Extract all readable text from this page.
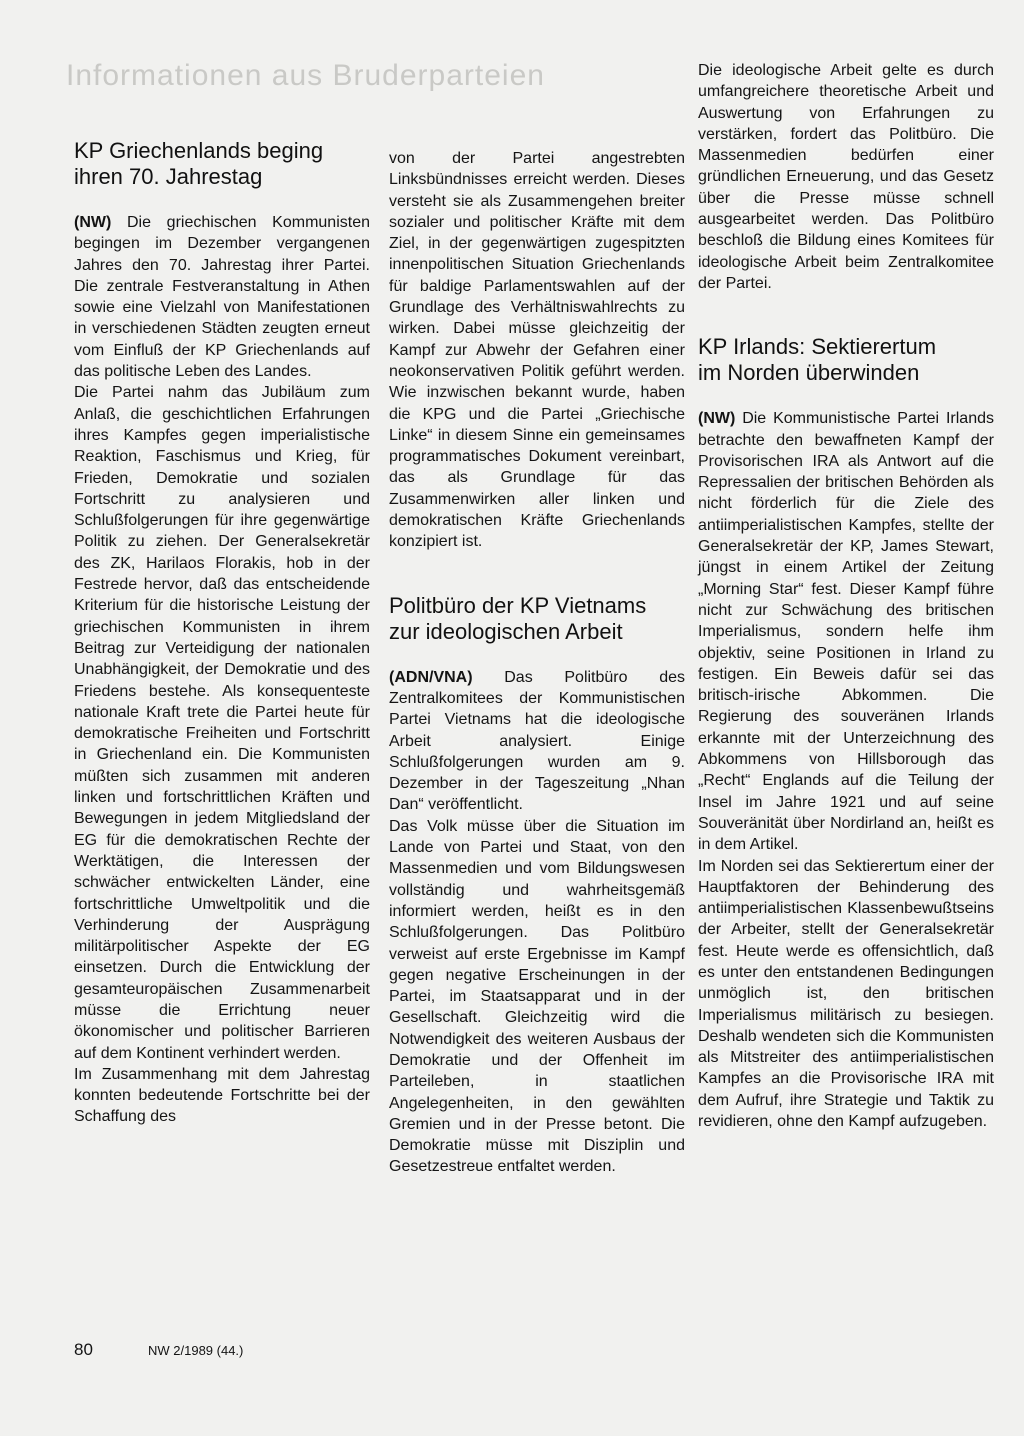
Informationen aus Bruderparteien
KP Griechenlands beging
ihren 70. Jahrestag

(NW) Die griechischen Kommunisten begingen im Dezember vergangenen Jahres den 70. Jahrestag ihrer Partei. Die zentrale Festveranstaltung in Athen sowie eine Vielzahl von Manifestationen in verschiedenen Städten zeugten erneut vom Einfluß der KP Griechenlands auf das politische Leben des Landes.

Die Partei nahm das Jubiläum zum Anlaß, die geschichtlichen Erfahrungen ihres Kampfes gegen imperialistische Reaktion, Faschismus und Krieg, für Frieden, Demokratie und sozialen Fortschritt zu analysieren und Schlußfolgerungen für ihre gegenwärtige Politik zu ziehen. Der Generalsekretär des ZK, Harilaos Florakis, hob in der Festrede hervor, daß das entscheidende Kriterium für die historische Leistung der griechischen Kommunisten in ihrem Beitrag zur Verteidigung der nationalen Unabhängigkeit, der Demokratie und des Friedens bestehe. Als konsequenteste nationale Kraft trete die Partei heute für demokratische Freiheiten und Fortschritt in Griechenland ein. Die Kommunisten müßten sich zusammen mit anderen linken und fortschrittlichen Kräften und Bewegungen in jedem Mitgliedsland der EG für die demokratischen Rechte der Werktätigen, die Interessen der schwächer entwickelten Länder, eine fortschrittliche Umweltpolitik und die Verhinderung der Ausprägung militärpolitischer Aspekte der EG einsetzen. Durch die Entwicklung der gesamteuropäischen Zusammenarbeit müsse die Errichtung neuer ökonomischer und politischer Barrieren auf dem Kontinent verhindert werden.

Im Zusammenhang mit dem Jahrestag konnten bedeutende Fortschritte bei der Schaffung des

von der Partei angestrebten Linksbündnisses erreicht werden. Dieses versteht sie als Zusammengehen breiter sozialer und politischer Kräfte mit dem Ziel, in der gegenwärtigen zugespitzten innenpolitischen Situation Griechenlands für baldige Parlamentswahlen auf der Grundlage des Verhältniswahlrechts zu wirken. Dabei müsse gleichzeitig der Kampf zur Abwehr der Gefahren einer neokonservativen Politik geführt werden. Wie inzwischen bekannt wurde, haben die KPG und die Partei „Griechische Linke“ in diesem Sinne ein gemeinsames programmatisches Dokument vereinbart, das als Grundlage für das Zusammenwirken aller linken und demokratischen Kräfte Griechenlands konzipiert ist.

Politbüro der KP Vietnams
zur ideologischen Arbeit

(ADN/VNA) Das Politbüro des Zentralkomitees der Kommunistischen Partei Vietnams hat die ideologische Arbeit analysiert. Einige Schlußfolgerungen wurden am 9. Dezember in der Tageszeitung „Nhan Dan“ veröffentlicht.

Das Volk müsse über die Situation im Lande von Partei und Staat, von den Massenmedien und vom Bildungswesen vollständig und wahrheitsgemäß informiert werden, heißt es in den Schlußfolgerungen. Das Politbüro verweist auf erste Ergebnisse im Kampf gegen negative Erscheinungen in der Partei, im Staatsapparat und in der Gesellschaft. Gleichzeitig wird die Notwendigkeit des weiteren Ausbaus der Demokratie und der Offenheit im Parteileben, in staatlichen Angelegenheiten, in den gewählten Gremien und in der Presse betont. Die Demokratie müsse mit Disziplin und Gesetzestreue entfaltet werden.

Die ideologische Arbeit gelte es durch umfangreichere theoretische Arbeit und Auswertung von Erfahrungen zu verstärken, fordert das Politbüro. Die Massenmedien bedürfen einer gründlichen Erneuerung, und das Gesetz über die Presse müsse schnell ausgearbeitet werden. Das Politbüro beschloß die Bildung eines Komitees für ideologische Arbeit beim Zentralkomitee der Partei.

KP Irlands: Sektierertum
im Norden überwinden

(NW) Die Kommunistische Partei Irlands betrachte den bewaffneten Kampf der Provisorischen IRA als Antwort auf die Repressalien der britischen Behörden als nicht förderlich für die Ziele des antiimperialistischen Kampfes, stellte der Generalsekretär der KP, James Stewart, jüngst in einem Artikel der Zeitung „Morning Star“ fest. Dieser Kampf führe nicht zur Schwächung des britischen Imperialismus, sondern helfe ihm objektiv, seine Positionen in Irland zu festigen. Ein Beweis dafür sei das britisch-irische Abkommen. Die Regierung des souveränen Irlands erkannte mit der Unterzeichnung des Abkommens von Hillsborough das „Recht“ Englands auf die Teilung der Insel im Jahre 1921 und auf seine Souveränität über Nordirland an, heißt es in dem Artikel.

Im Norden sei das Sektierertum einer der Hauptfaktoren der Behinderung des antiimperialistischen Klassenbewußtseins der Arbeiter, stellt der Generalsekretär fest. Heute werde es offensichtlich, daß es unter den entstandenen Bedingungen unmöglich ist, den britischen Imperialismus militärisch zu besiegen. Deshalb wendeten sich die Kommunisten als Mitstreiter des antiimperialistischen Kampfes an die Provisorische IRA mit dem Aufruf, ihre Strategie und Taktik zu revidieren, ohne den Kampf aufzugeben.

80	NW 2/1989 (44.)
